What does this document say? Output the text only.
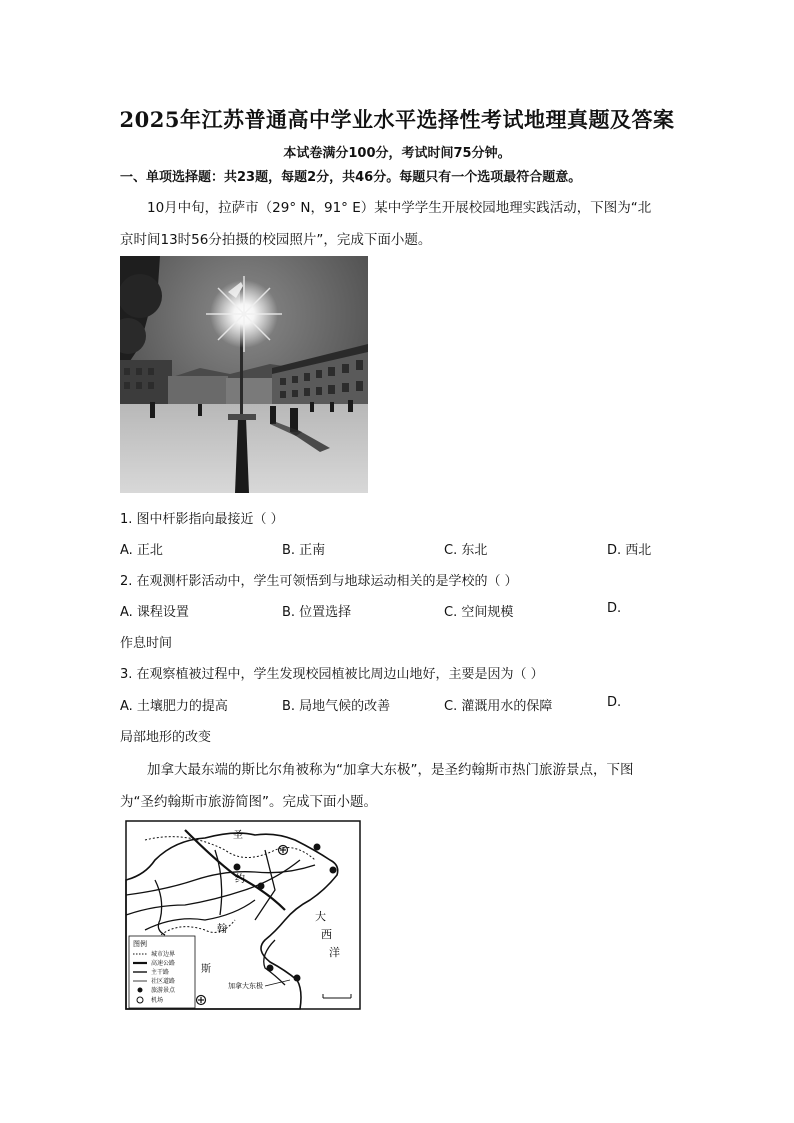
2025年江苏普通高中学业水平选择性考试地理真题及答案
本试卷满分100分，考试时间75分钟。
一、单项选择题：共23题，每题2分，共46分。每题只有一个选项最符合题意。
10月中旬，拉萨市（29° N，91° E）某中学学生开展校园地理实践活动，下图为“北
京时间13时56分拍摄的校园照片”，完成下面小题。
1. 图中杆影指向最接近（ ）
A. 正北	B. 正南	C. 东北	D. 西北
2. 在观测杆影活动中，学生可领悟到与地球运动相关的是学校的（ ）
A. 课程设置	B. 位置选择	C. 空间规模	D.
作息时间
3. 在观察植被过程中，学生发现校园植被比周边山地好，主要是因为（ ）
A. 土壤肥力的提高	B. 局地气候的改善	C. 灌溉用水的保障	D.
局部地形的改变
加拿大最东端的斯比尔角被称为“加拿大东极”，是圣约翰斯市热门旅游景点，下图
为“圣约翰斯市旅游简图”。完成下面小题。
圣
约
翰
斯
大
西
洋
加拿大东极
图例
城市边界
高速公路
主干路
社区道路
旅游景点
机场
